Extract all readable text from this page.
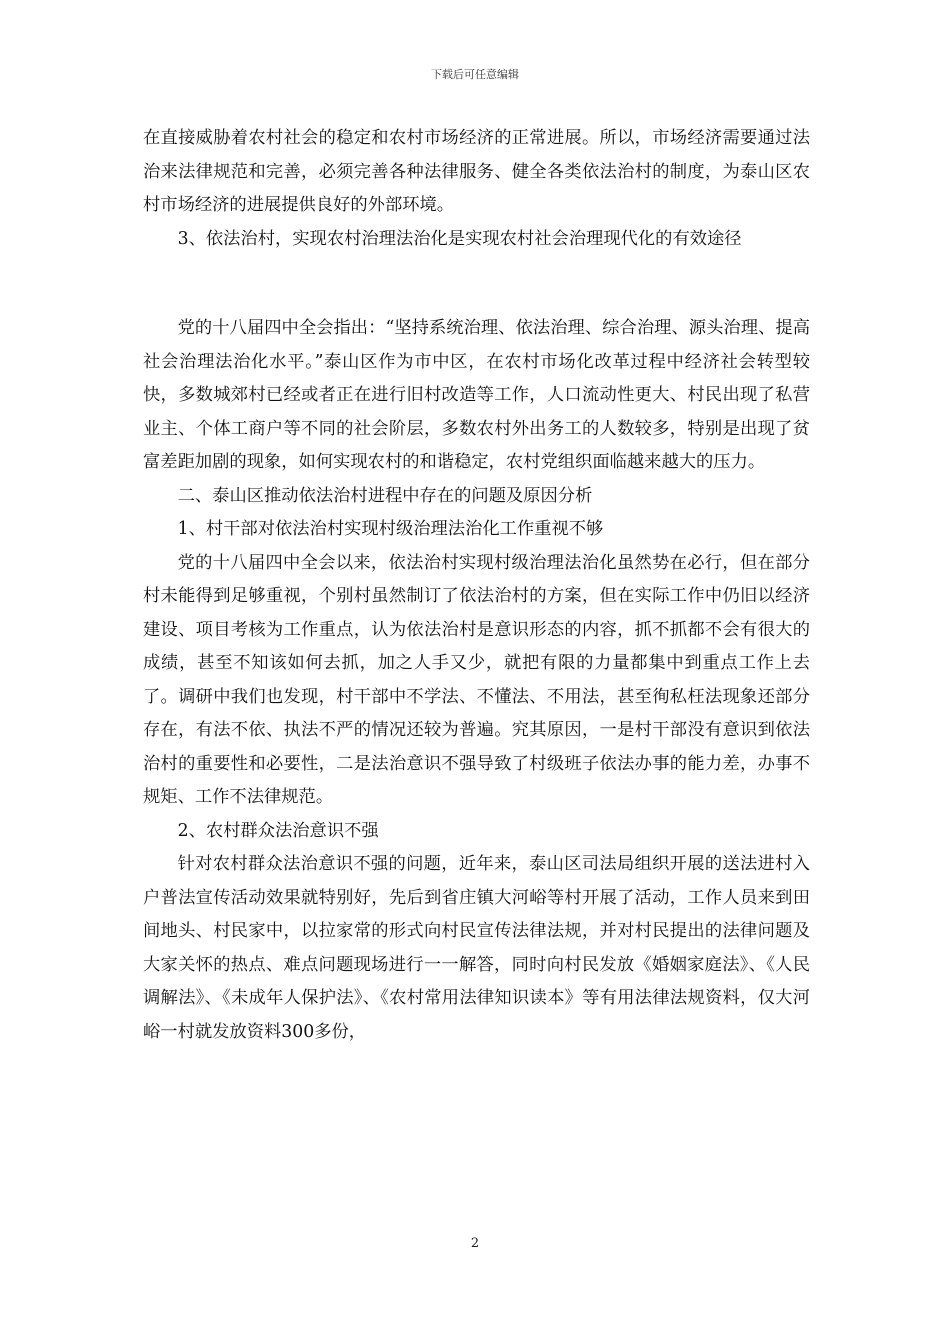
下载后可任意编辑

在直接威胁着农村社会的稳定和农村市场经济的正常进展。所以，市场经济需要通过法治来法律规范和完善，必须完善各种法律服务、健全各类依法治村的制度，为泰山区农村市场经济的进展提供良好的外部环境。

3、依法治村，实现农村治理法治化是实现农村社会治理现代化的有效途径

党的十八届四中全会指出：“坚持系统治理、依法治理、综合治理、源头治理、提高社会治理法治化水平。”泰山区作为市中区，在农村市场化改革过程中经济社会转型较快，多数城郊村已经或者正在进行旧村改造等工作，人口流动性更大、村民出现了私营业主、个体工商户等不同的社会阶层，多数农村外出务工的人数较多，特别是出现了贫富差距加剧的现象，如何实现农村的和谐稳定，农村党组织面临越来越大的压力。

二、泰山区推动依法治村进程中存在的问题及原因分析

1、村干部对依法治村实现村级治理法治化工作重视不够

党的十八届四中全会以来，依法治村实现村级治理法治化虽然势在必行，但在部分村未能得到足够重视，个别村虽然制订了依法治村的方案，但在实际工作中仍旧以经济建设、项目考核为工作重点，认为依法治村是意识形态的内容，抓不抓都不会有很大的成绩，甚至不知该如何去抓，加之人手又少，就把有限的力量都集中到重点工作上去了。调研中我们也发现，村干部中不学法、不懂法、不用法，甚至徇私枉法现象还部分存在，有法不依、执法不严的情况还较为普遍。究其原因，一是村干部没有意识到依法治村的重要性和必要性，二是法治意识不强导致了村级班子依法办事的能力差，办事不规矩、工作不法律规范。

2、农村群众法治意识不强

针对农村群众法治意识不强的问题，近年来，泰山区司法局组织开展的送法进村入户普法宣传活动效果就特别好，先后到省庄镇大河峪等村开展了活动，工作人员来到田间地头、村民家中，以拉家常的形式向村民宣传法律法规，并对村民提出的法律问题及大家关怀的热点、难点问题现场进行一一解答，同时向村民发放《婚姻家庭法》、《人民调解法》、《未成年人保护法》、《农村常用法律知识读本》等有用法律法规资料，仅大河峪一村就发放资料300多份，

2
